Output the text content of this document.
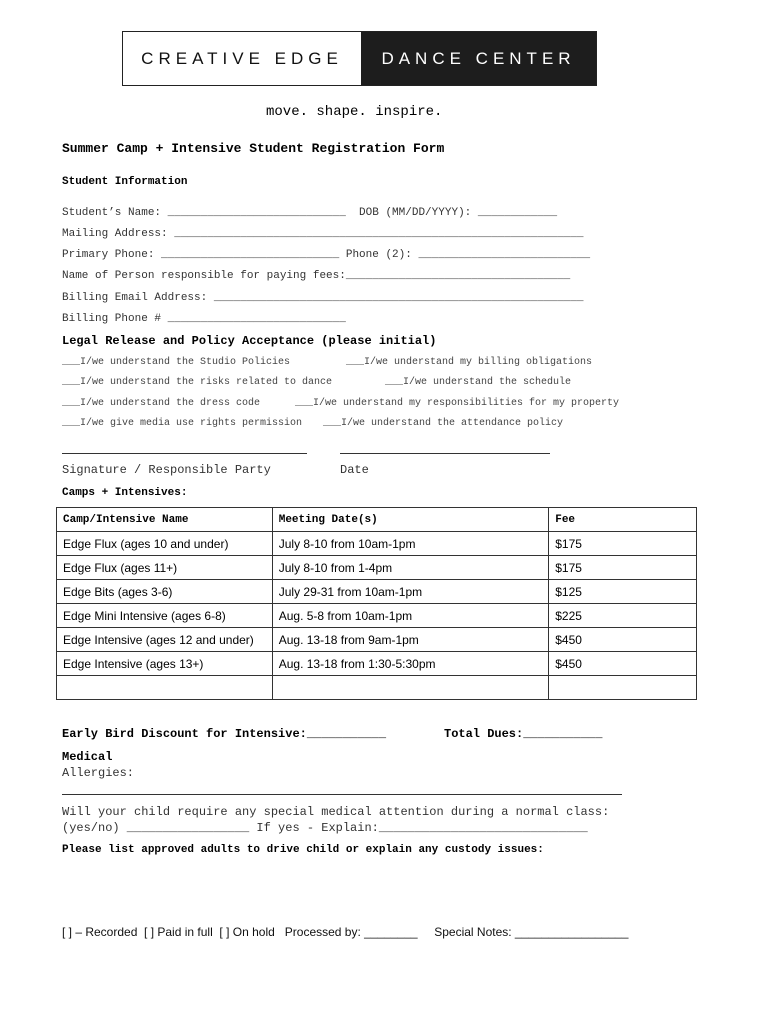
CREATIVE EDGE	DANCE CENTER
move. shape. inspire.
Summer Camp + Intensive Student Registration Form
Student Information
Student’s Name: ___________________________  DOB (MM/DD/YYYY): ____________
Mailing Address: ______________________________________________________________
Primary Phone: ___________________________ Phone (2): __________________________
Name of Person responsible for paying fees:__________________________________
Billing Email Address: ________________________________________________________
Billing Phone # ___________________________
Legal Release and Policy Acceptance (please initial)
___I/we understand the Studio Policies	___I/we understand my billing obligations
___I/we understand the risks related to dance	___I/we understand the schedule
___I/we understand the dress code	___I/we understand my responsibilities for my property
___I/we give media use rights permission ___I/we understand the attendance policy
Signature / Responsible Party	Date
Camps + Intensives:
Camp/Intensive Name	Meeting Date(s)	Fee
Edge Flux (ages 10 and under)	July 8-10 from 10am-1pm	$175
Edge Flux (ages 11+)	July 8-10 from 1-4pm	$175
Edge Bits (ages 3-6)	July 29-31 from 10am-1pm	$125
Edge Mini Intensive (ages 6-8)	Aug. 5-8 from 10am-1pm	$225
Edge Intensive (ages 12 and under)	Aug. 13-18 from 9am-1pm	$450
Edge Intensive (ages 13+)	Aug. 13-18 from 1:30-5:30pm	$450

Early Bird Discount for Intensive:___________	Total Dues:___________
Medical
Allergies:
Will your child require any special medical attention during a normal class:
(yes/no) _________________ If yes - Explain:_____________________________
Please list approved adults to drive child or explain any custody issues:
[ ] – Recorded  [ ] Paid in full  [ ] On hold   Processed by: ________     Special Notes: _________________
